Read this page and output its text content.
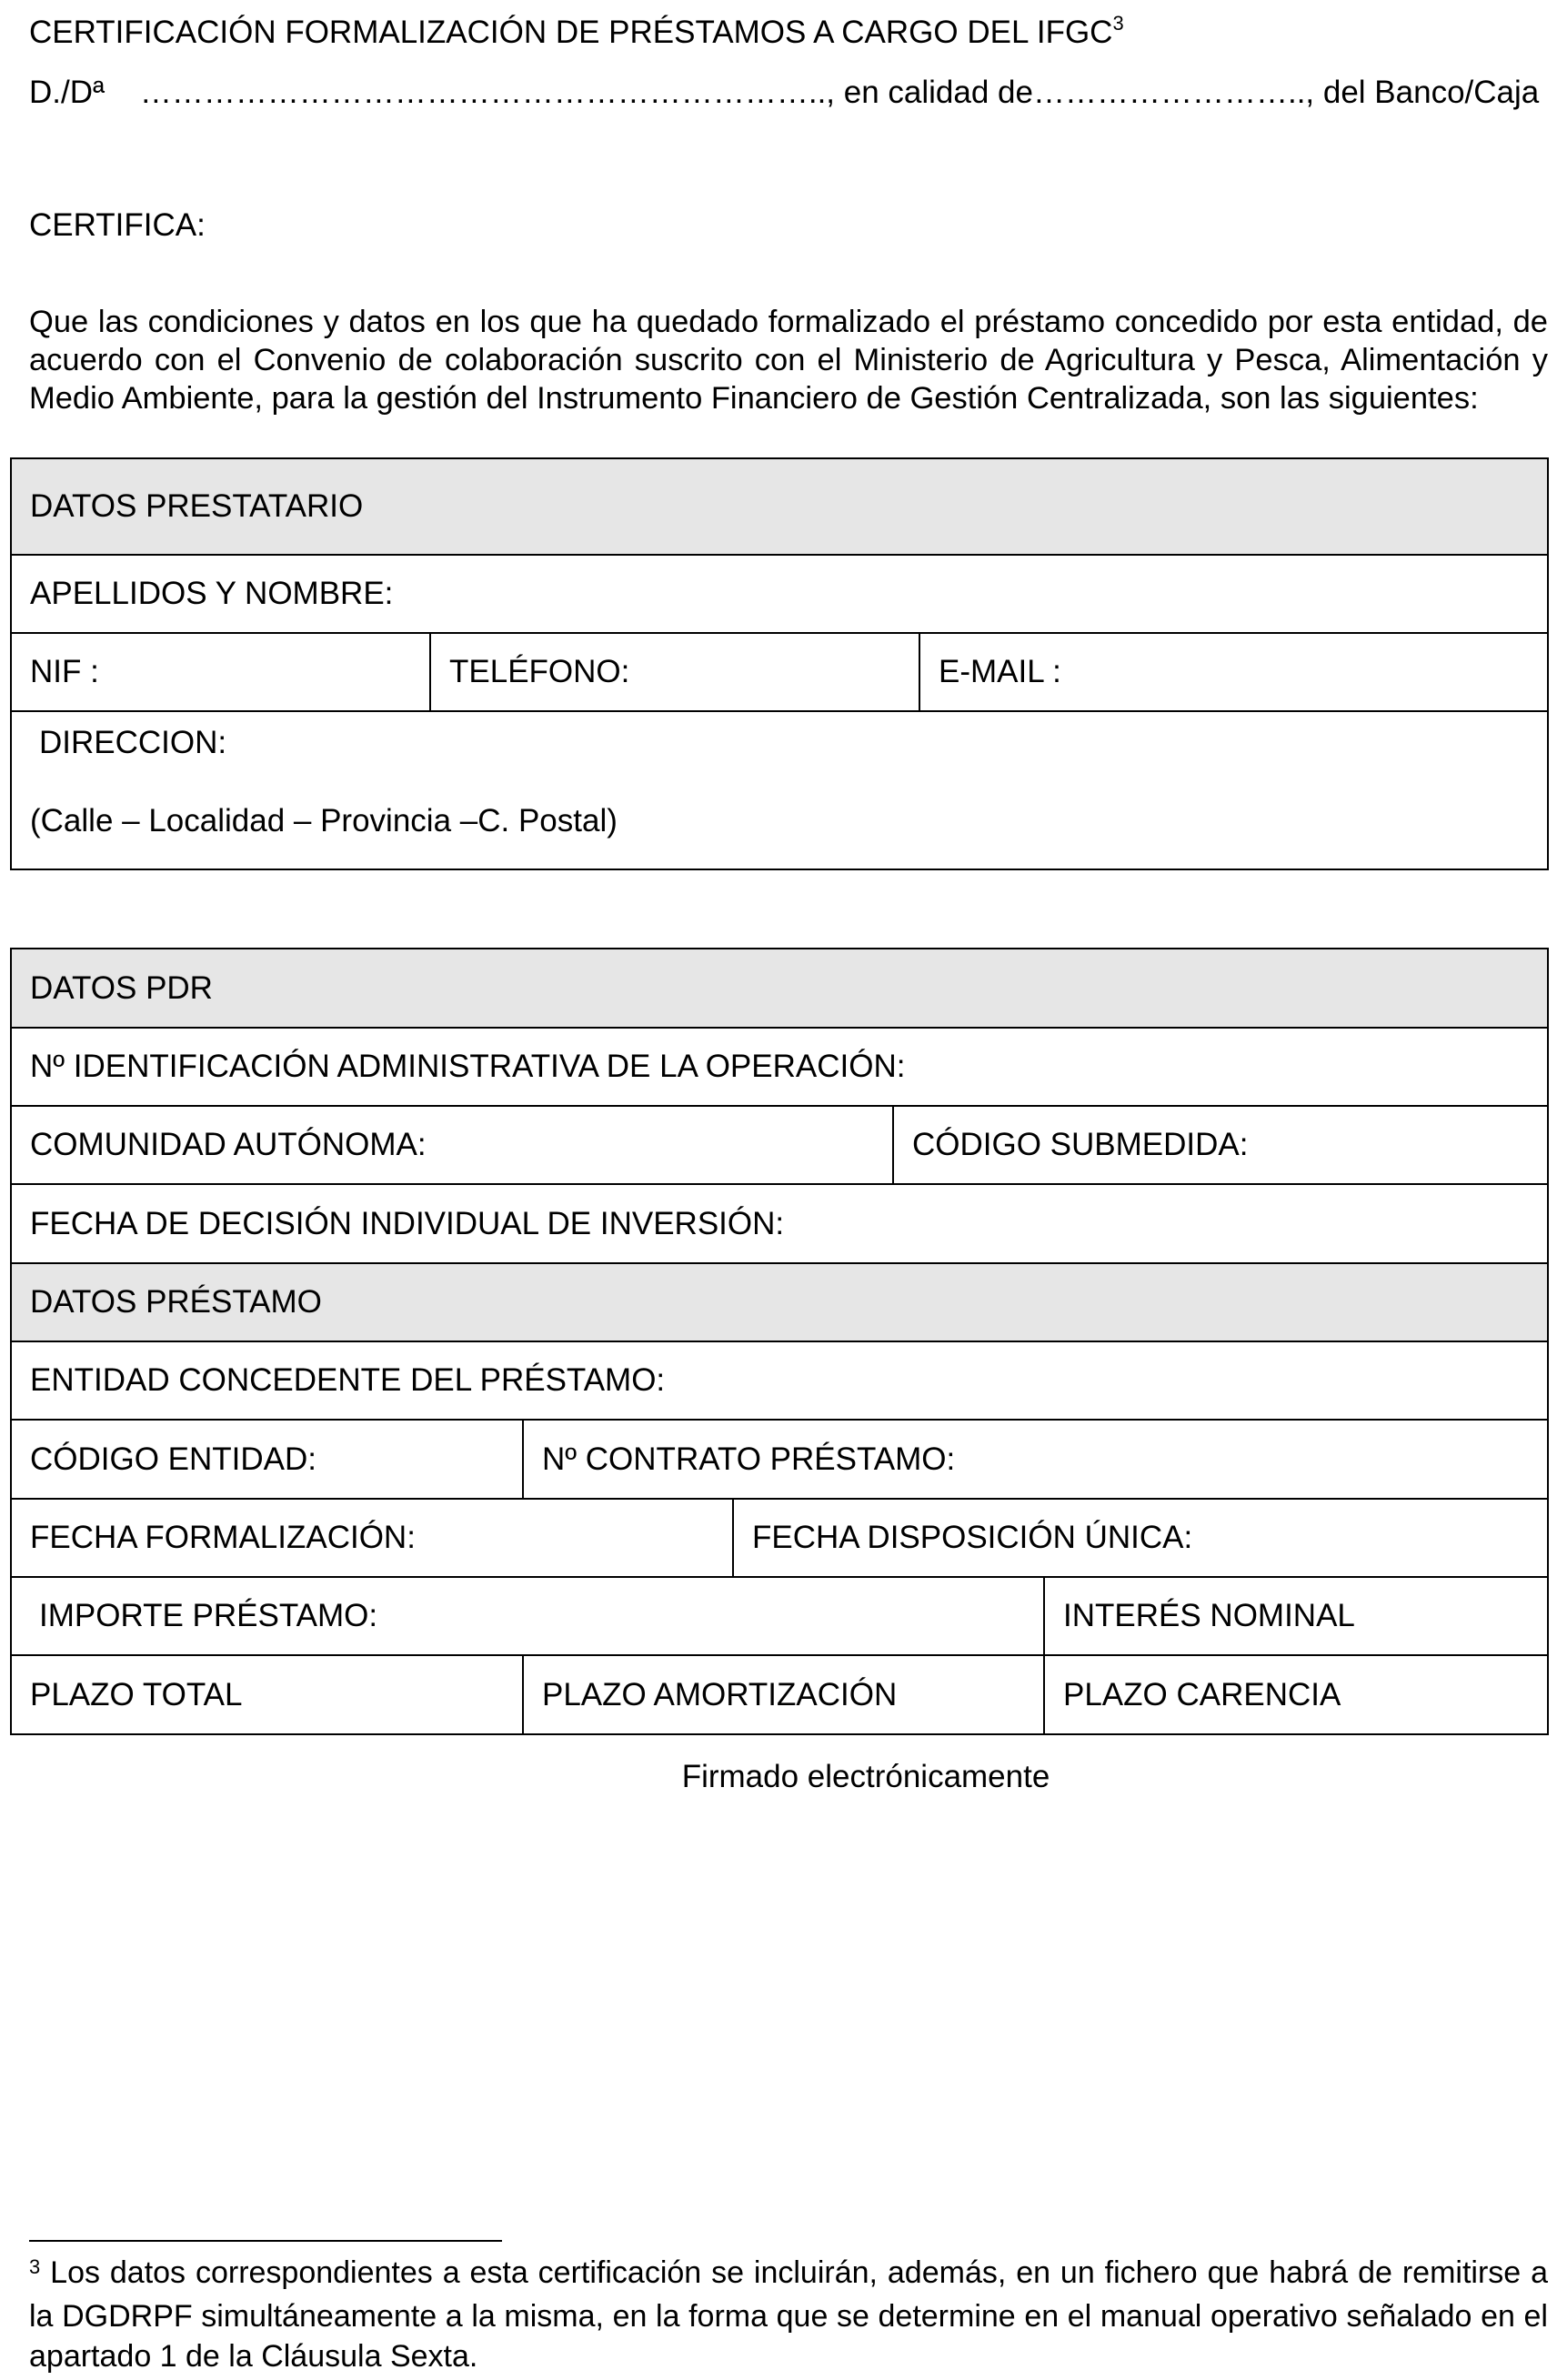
CERTIFICACIÓN FORMALIZACIÓN DE PRÉSTAMOS A CARGO DEL IFGC$^3$
D./Dª    ……………………………………………………….., en calidad de…………………….., del Banco/Caja
CERTIFICA:
Que las condiciones y datos en los que ha quedado formalizado el préstamo concedido por esta entidad, de acuerdo con el Convenio de colaboración suscrito con el Ministerio de Agricultura y Pesca, Alimentación y Medio Ambiente, para la gestión del Instrumento Financiero de Gestión Centralizada, son las siguientes:
DATOS PRESTATARIO
APELLIDOS Y NOMBRE:
NIF :	TELÉFONO:	E-MAIL :

DIRECCION:
(Calle – Localidad – Provincia –C. Postal)
DATOS PDR				
Nº IDENTIFICACIÓN ADMINISTRATIVA DE LA OPERACIÓN:				
COMUNIDAD AUTÓNOMA:			CÓDIGO SUBMEDIDA:	
FECHA DE DECISIÓN INDIVIDUAL DE INVERSIÓN:				
DATOS PRÉSTAMO				
ENTIDAD CONCEDENTE DEL PRÉSTAMO:				
CÓDIGO ENTIDAD:	Nº CONTRATO PRÉSTAMO:			
FECHA FORMALIZACIÓN:		FECHA DISPOSICIÓN ÚNICA:		
IMPORTE PRÉSTAMO:				INTERÉS NOMINAL
PLAZO TOTAL	PLAZO AMORTIZACIÓN			PLAZO CARENCIA
Firmado electrónicamente
$^3$ Los datos correspondientes a esta certificación se incluirán, además, en un fichero que habrá de remitirse a la DGDRPF simultáneamente a la misma, en la forma que se determine en el manual operativo señalado en el apartado 1 de la Cláusula Sexta.
